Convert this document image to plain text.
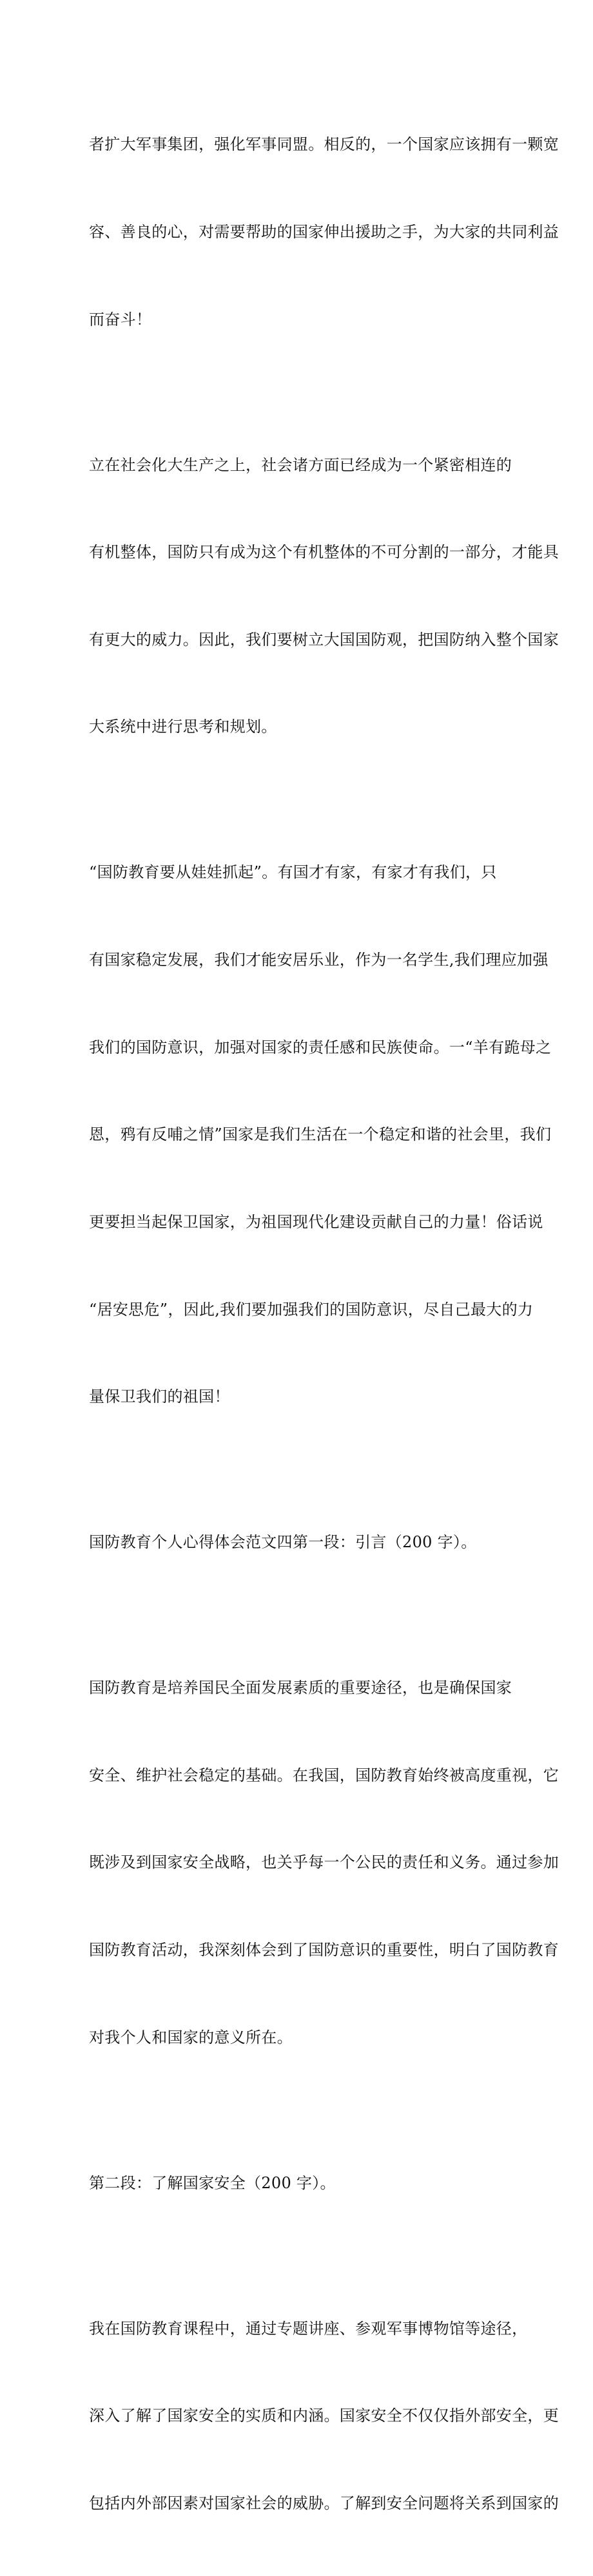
者扩大军事集团，强化军事同盟。相反的，一个国家应该拥有一颗宽

容、善良的心，对需要帮助的国家伸出援助之手，为大家的共同利益

而奋斗！

立在社会化大生产之上，社会诸方面已经成为一个紧密相连的

有机整体，国防只有成为这个有机整体的不可分割的一部分，才能具

有更大的威力。因此，我们要树立大国国防观，把国防纳入整个国家

大系统中进行思考和规划。

“国防教育要从娃娃抓起”。有国才有家，有家才有我们，只

有国家稳定发展，我们才能安居乐业，作为一名学生,我们理应加强

我们的国防意识，加强对国家的责任感和民族使命。一“羊有跪母之

恩，鸦有反哺之情”国家是我们生活在一个稳定和谐的社会里，我们

更要担当起保卫国家，为祖国现代化建设贡献自己的力量！俗话说

“居安思危”，因此,我们要加强我们的国防意识，尽自己最大的力

量保卫我们的祖国！

国防教育个人心得体会范文四第一段：引言（200 字）。

国防教育是培养国民全面发展素质的重要途径，也是确保国家

安全、维护社会稳定的基础。在我国，国防教育始终被高度重视，它

既涉及到国家安全战略，也关乎每一个公民的责任和义务。通过参加

国防教育活动，我深刻体会到了国防意识的重要性，明白了国防教育

对我个人和国家的意义所在。

第二段：了解国家安全（200 字）。

我在国防教育课程中，通过专题讲座、参观军事博物馆等途径，

深入了解了国家安全的实质和内涵。国家安全不仅仅指外部安全，更

包括内外部因素对国家社会的威胁。了解到安全问题将关系到国家的
